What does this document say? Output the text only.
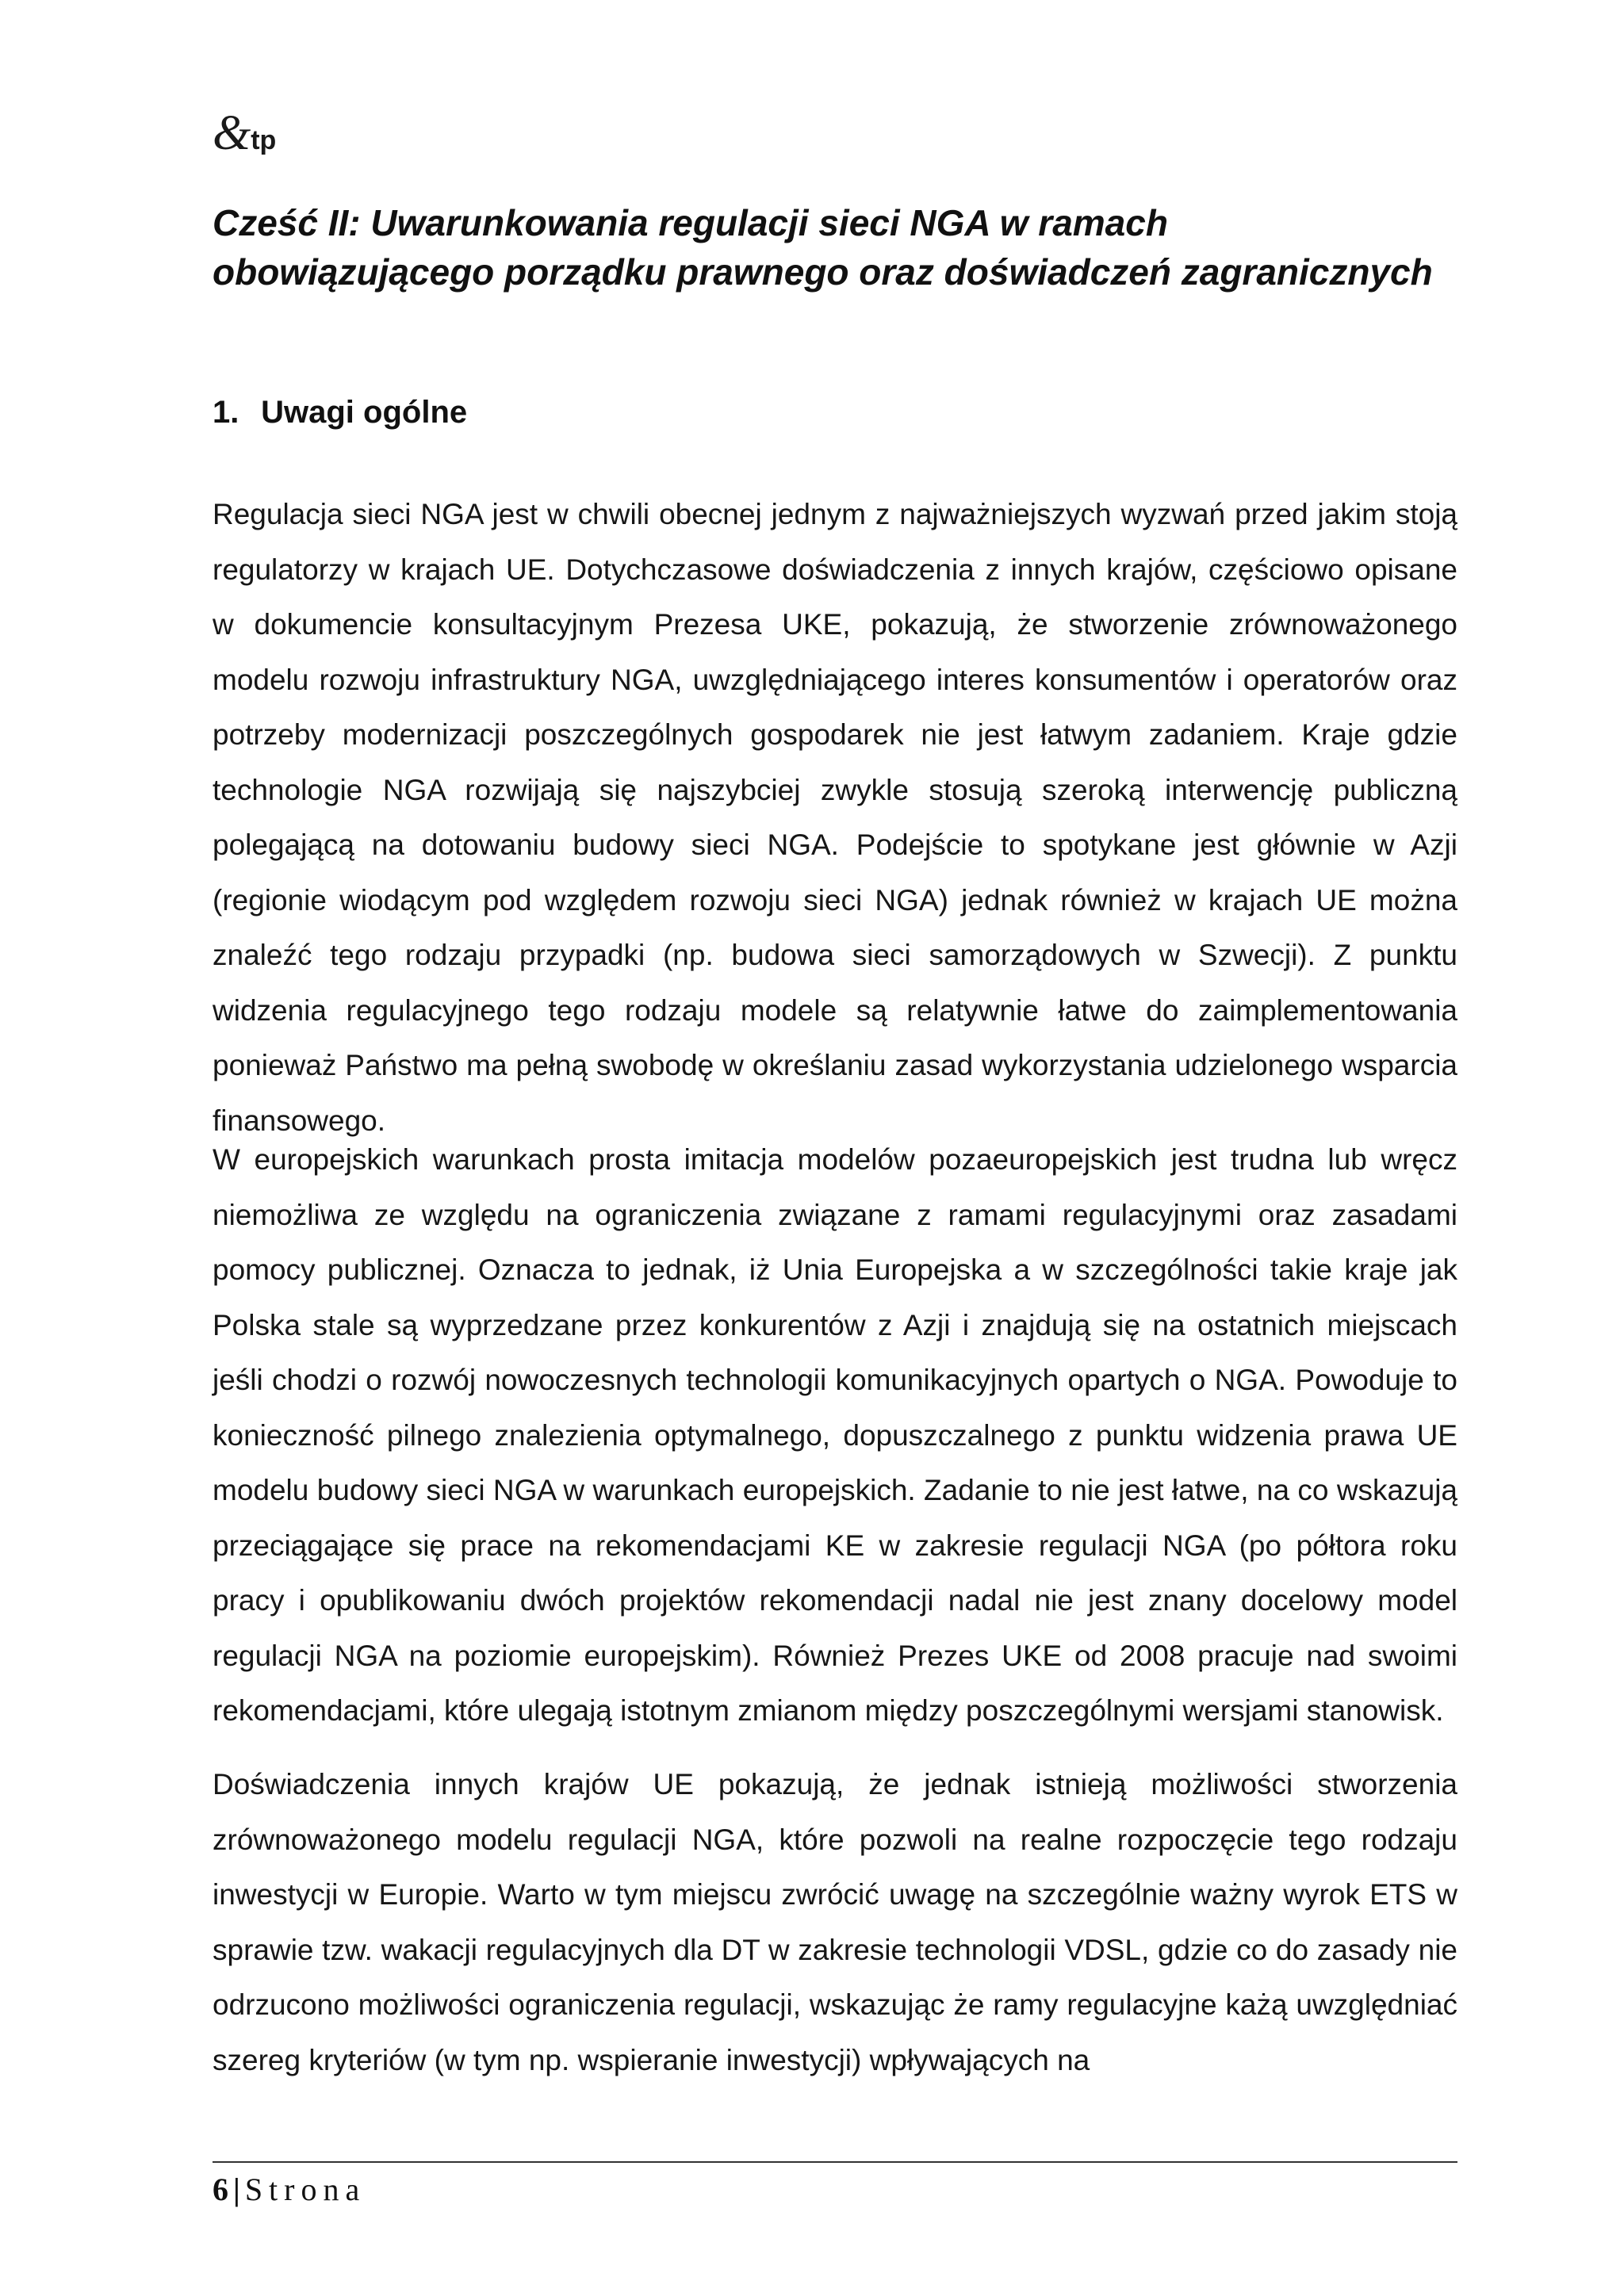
&tp
Cześć II: Uwarunkowania regulacji sieci NGA w ramach obowiązującego porządku prawnego oraz doświadczeń zagranicznych
1. Uwagi ogólne

Regulacja sieci NGA jest w chwili obecnej jednym z najważniejszych wyzwań przed jakim stoją regulatorzy w krajach UE. Dotychczasowe doświadczenia z innych krajów, częściowo opisane w dokumencie konsultacyjnym Prezesa UKE, pokazują, że stworzenie zrównoważonego modelu rozwoju infrastruktury NGA, uwzględniającego interes konsumentów i operatorów oraz potrzeby modernizacji poszczególnych gospodarek nie jest łatwym zadaniem. Kraje gdzie technologie NGA rozwijają się najszybciej zwykle stosują szeroką interwencję publiczną polegającą na dotowaniu budowy sieci NGA. Podejście to spotykane jest głównie w Azji (regionie wiodącym pod względem rozwoju sieci NGA) jednak również w krajach UE można znaleźć tego rodzaju przypadki (np. budowa sieci samorządowych w Szwecji). Z punktu widzenia regulacyjnego tego rodzaju modele są relatywnie łatwe do zaimplementowania ponieważ Państwo ma pełną swobodę w określaniu zasad wykorzystania udzielonego wsparcia finansowego.

W europejskich warunkach prosta imitacja modelów pozaeuropejskich jest trudna lub wręcz niemożliwa ze względu na ograniczenia związane z ramami regulacyjnymi oraz zasadami pomocy publicznej. Oznacza to jednak, iż Unia Europejska a w szczególności takie kraje jak Polska stale są wyprzedzane przez konkurentów z Azji i znajdują się na ostatnich miejscach jeśli chodzi o rozwój nowoczesnych technologii komunikacyjnych opartych o NGA. Powoduje to konieczność pilnego znalezienia optymalnego, dopuszczalnego z punktu widzenia prawa UE modelu budowy sieci NGA w warunkach europejskich. Zadanie to nie jest łatwe, na co wskazują przeciągające się prace na rekomendacjami KE w zakresie regulacji NGA (po półtora roku pracy i opublikowaniu dwóch projektów rekomendacji nadal nie jest znany docelowy model regulacji NGA na poziomie europejskim). Również Prezes UKE od 2008 pracuje nad swoimi rekomendacjami, które ulegają istotnym zmianom między poszczególnymi wersjami stanowisk.

Doświadczenia innych krajów UE pokazują, że jednak istnieją możliwości stworzenia zrównoważonego modelu regulacji NGA, które pozwoli na realne rozpoczęcie tego rodzaju inwestycji w Europie. Warto w tym miejscu zwrócić uwagę na szczególnie ważny wyrok ETS w sprawie tzw. wakacji regulacyjnych dla DT w zakresie technologii VDSL, gdzie co do zasady nie odrzucono możliwości ograniczenia regulacji, wskazując że ramy regulacyjne każą uwzględniać szereg kryteriów (w tym np. wspieranie inwestycji) wpływających na

6 | Strona
